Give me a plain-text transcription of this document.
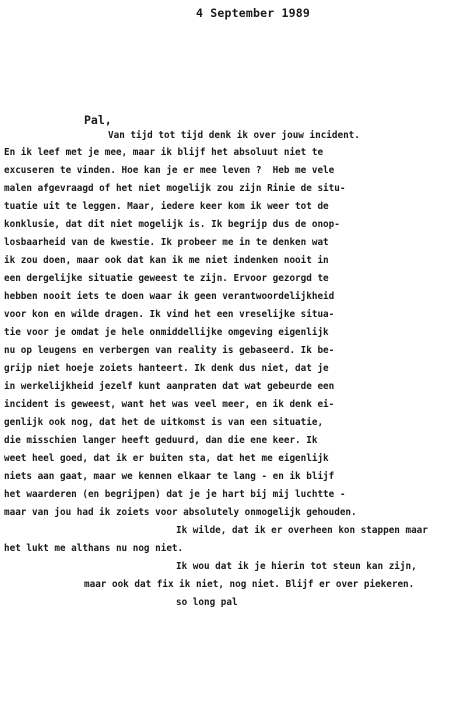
4 September 1989
Pal,
Van tijd tot tijd denk ik over jouw incident.
En ik leef met je mee, maar ik blijf het absoluut niet te
excuseren te vinden. Hoe kan je er mee leven ?  Heb me vele
malen afgevraagd of het niet mogelijk zou zijn Rinie de situ-
tuatie uit te leggen. Maar, iedere keer kom ik weer tot de
konklusie, dat dit niet mogelijk is. Ik begrijp dus de onop-
losbaarheid van de kwestie. Ik probeer me in te denken wat
ik zou doen, maar ook dat kan ik me niet indenken nooit in
een dergelijke situatie geweest te zijn. Ervoor gezorgd te
hebben nooit iets te doen waar ik geen verantwoordelijkheid
voor kon en wilde dragen. Ik vind het een vreselijke situa-
tie voor je omdat je hele onmiddellijke omgeving eigenlijk
nu op leugens en verbergen van reality is gebaseerd. Ik be-
grijp niet hoeje zoiets hanteert. Ik denk dus niet, dat je
in werkelijkheid jezelf kunt aanpraten dat wat gebeurde een
incident is geweest, want het was veel meer, en ik denk ei-
genlijk ook nog, dat het de uitkomst is van een situatie,
die misschien langer heeft geduurd, dan die ene keer. Ik
weet heel goed, dat ik er buiten sta, dat het me eigenlijk
niets aan gaat, maar we kennen elkaar te lang - en ik blijf
het waarderen (en begrijpen) dat je je hart bij mij luchtte -
maar van jou had ik zoiets voor absolutely onmogelijk gehouden.
Ik wilde, dat ik er overheen kon stappen maar
het lukt me althans nu nog niet.
Ik wou dat ik je hierin tot steun kan zijn,
maar ook dat fix ik niet, nog niet. Blijf er over piekeren.
so long pal
